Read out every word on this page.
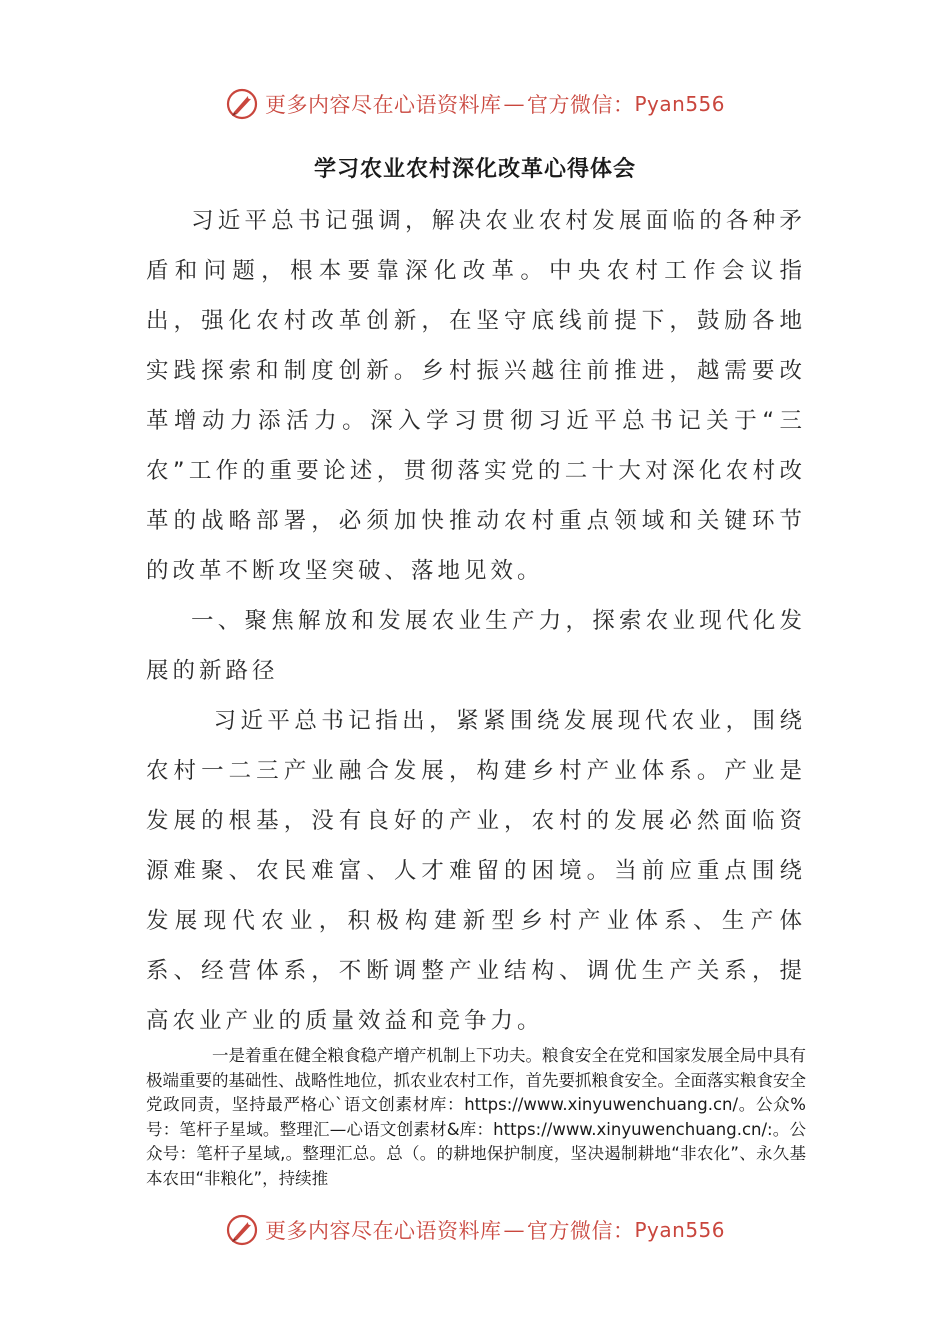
更多内容尽在心语资料库 — 官方微信： Pyan556
学习农业农村深化改革心得体会

习近平总书记强调，解决农业农村发展面临的各种矛盾和问题，根本要靠深化改革。中央农村工作会议指出，强化农村改革创新，在坚守底线前提下，鼓励各地实践探索和制度创新。乡村振兴越往前推进，越需要改革增动力添活力。深入学习贯彻习近平总书记关于“三农”工作的重要论述，贯彻落实党的二十大对深化农村改革的战略部署，必须加快推动农村重点领域和关键环节的改革不断攻坚突破、落地见效。

一、聚焦解放和发展农业生产力，探索农业现代化发展的新路径

习近平总书记指出，紧紧围绕发展现代农业，围绕农村一二三产业融合发展，构建乡村产业体系。产业是发展的根基，没有良好的产业，农村的发展必然面临资源难聚、农民难富、人才难留的困境。当前应重点围绕发展现代农业，积极构建新型乡村产业体系、生产体系、经营体系，不断调整产业结构、调优生产关系，提高农业产业的质量效益和竞争力。

一是着重在健全粮食稳产增产机制上下功夫。粮食安全在党和国家发展全局中具有极端重要的基础性、战略性地位，抓农业农村工作，首先要抓粮食安全。全面落实粮食安全党政同责，坚持最严格心`语文创素材库：https://www.xinyuwenchuang.cn/。公众%号：笔杆子星域。整理汇—心语文创素材&库：https://www.xinyuwenchuang.cn/:。公众号：笔杆子星域,。整理汇总。总（。的耕地保护制度，坚决遏制耕地“非农化”、永久基本农田“非粮化”，持续推
更多内容尽在心语资料库 — 官方微信： Pyan556
